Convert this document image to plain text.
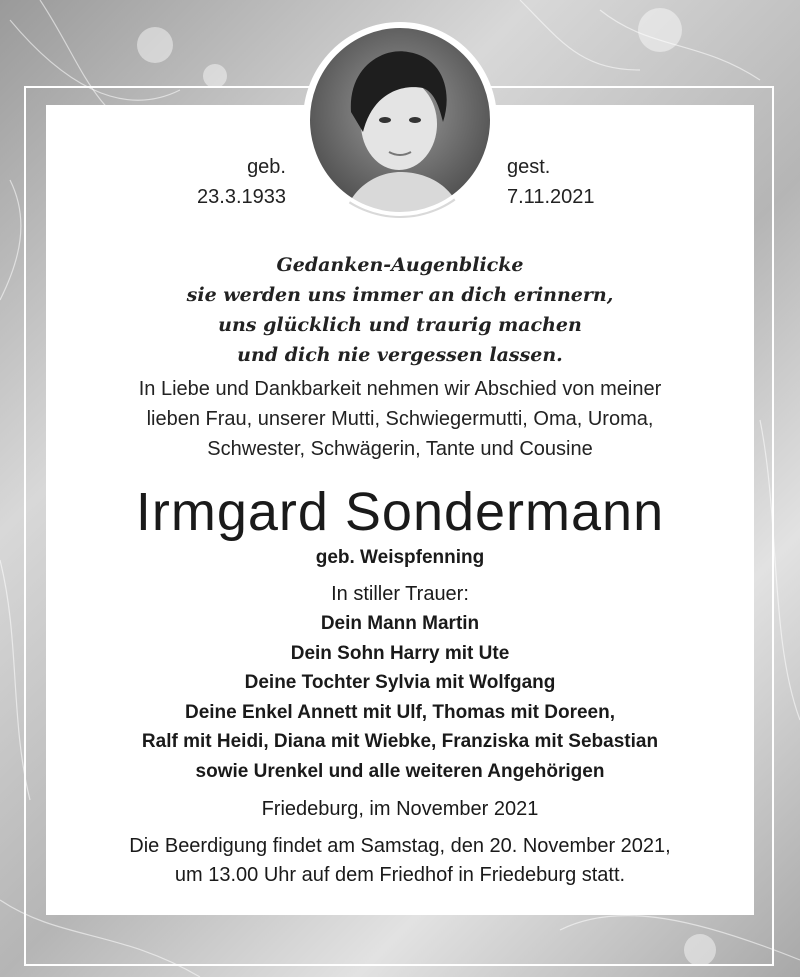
geb.
23.3.1933
gest.
7.11.2021
Gedanken-Augenblicke
sie werden uns immer an dich erinnern,
uns glücklich und traurig machen
und dich nie vergessen lassen.
In Liebe und Dankbarkeit nehmen wir Abschied von meiner
lieben Frau, unserer Mutti, Schwiegermutti, Oma, Uroma,
Schwester, Schwägerin, Tante und Cousine
Irmgard Sondermann
geb. Weispfenning
In stiller Trauer:
Dein Mann Martin
Dein Sohn Harry mit Ute
Deine Tochter Sylvia mit Wolfgang
Deine Enkel Annett mit Ulf, Thomas mit Doreen,
Ralf mit Heidi, Diana mit Wiebke, Franziska mit Sebastian
sowie Urenkel und alle weiteren Angehörigen
Friedeburg, im November 2021
Die Beerdigung findet am Samstag, den 20. November 2021,
um 13.00 Uhr auf dem Friedhof in Friedeburg statt.
